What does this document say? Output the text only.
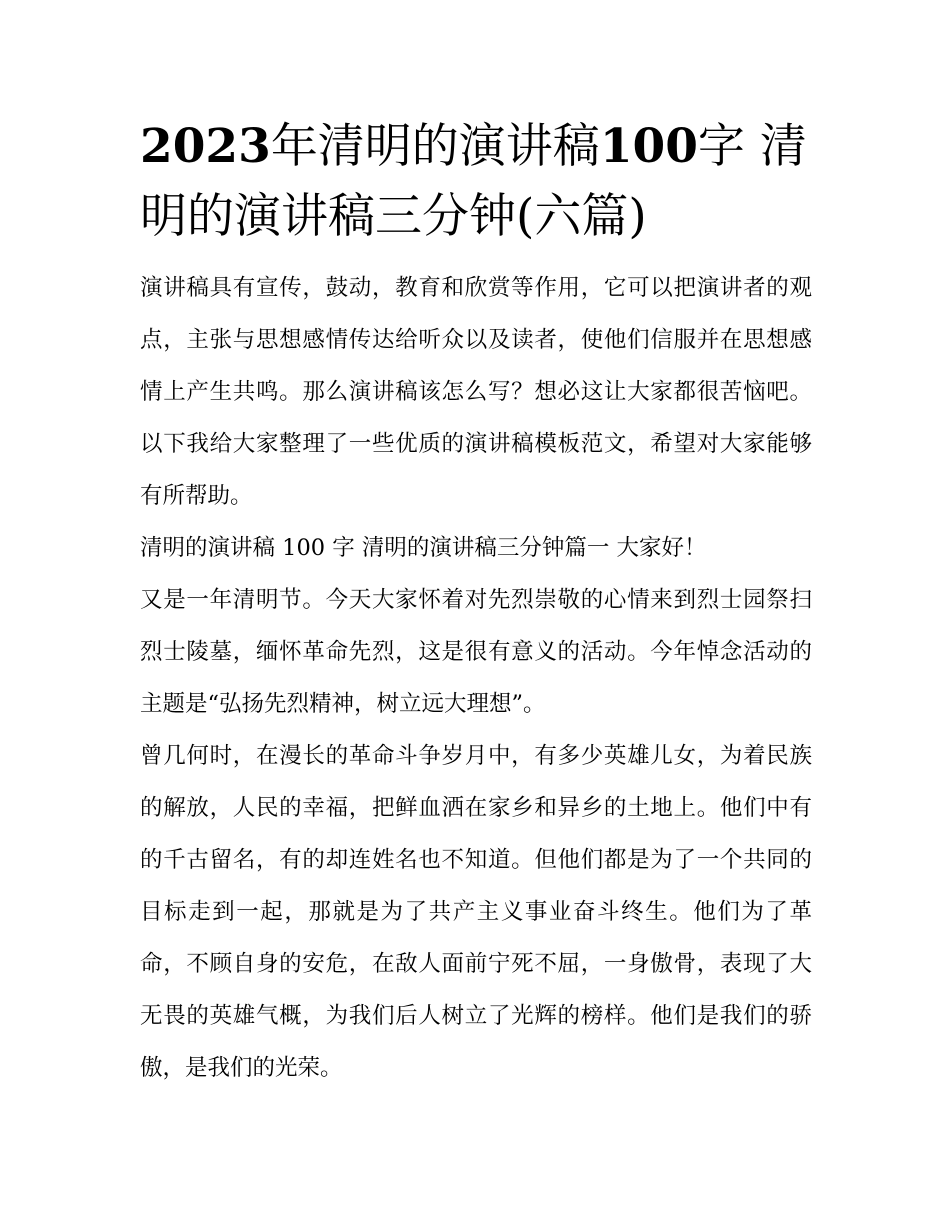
2023年清明的演讲稿100字 清明的演讲稿三分钟(六篇)

演讲稿具有宣传，鼓动，教育和欣赏等作用，它可以把演讲者的观点，主张与思想感情传达给听众以及读者，使他们信服并在思想感情上产生共鸣。那么演讲稿该怎么写？想必这让大家都很苦恼吧。以下我给大家整理了一些优质的演讲稿模板范文，希望对大家能够有所帮助。

清明的演讲稿 100 字 清明的演讲稿三分钟篇一 大家好！

又是一年清明节。今天大家怀着对先烈崇敬的心情来到烈士园祭扫烈士陵墓，缅怀革命先烈，这是很有意义的活动。今年悼念活动的主题是“弘扬先烈精神，树立远大理想”。

曾几何时，在漫长的革命斗争岁月中，有多少英雄儿女，为着民族的解放，人民的幸福，把鲜血洒在家乡和异乡的土地上。他们中有的千古留名，有的却连姓名也不知道。但他们都是为了一个共同的目标走到一起，那就是为了共产主义事业奋斗终生。他们为了革命，不顾自身的安危，在敌人面前宁死不屈，一身傲骨，表现了大无畏的英雄气概，为我们后人树立了光辉的榜样。他们是我们的骄傲，是我们的光荣。
